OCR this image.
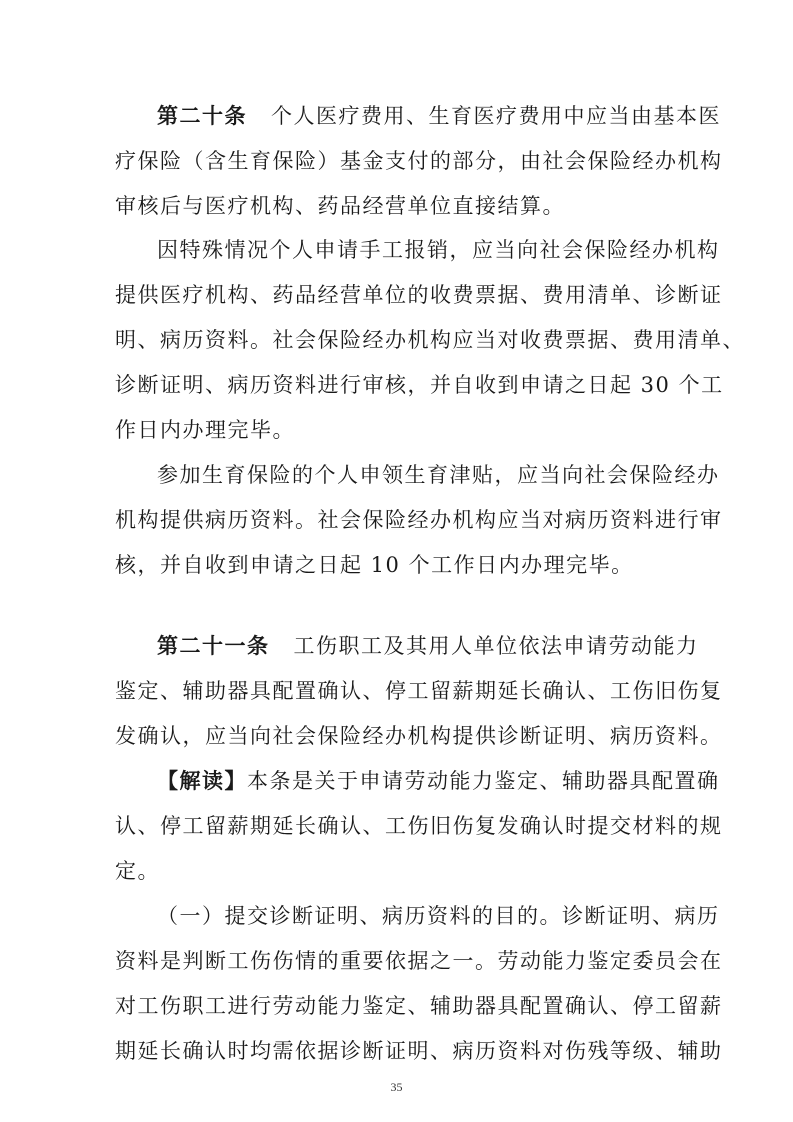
第二十条 个人医疗费用、生育医疗费用中应当由基本医
疗保险（含生育保险）基金支付的部分，由社会保险经办机构
审核后与医疗机构、药品经营单位直接结算。
因特殊情况个人申请手工报销，应当向社会保险经办机构
提供医疗机构、药品经营单位的收费票据、费用清单、诊断证
明、病历资料。社会保险经办机构应当对收费票据、费用清单、
诊断证明、病历资料进行审核，并自收到申请之日起 30 个工
作日内办理完毕。
参加生育保险的个人申领生育津贴，应当向社会保险经办
机构提供病历资料。社会保险经办机构应当对病历资料进行审
核，并自收到申请之日起 10 个工作日内办理完毕。
第二十一条 工伤职工及其用人单位依法申请劳动能力
鉴定、辅助器具配置确认、停工留薪期延长确认、工伤旧伤复
发确认，应当向社会保险经办机构提供诊断证明、病历资料。
【解读】本条是关于申请劳动能力鉴定、辅助器具配置确
认、停工留薪期延长确认、工伤旧伤复发确认时提交材料的规
定。
（一）提交诊断证明、病历资料的目的。诊断证明、病历
资料是判断工伤伤情的重要依据之一。劳动能力鉴定委员会在
对工伤职工进行劳动能力鉴定、辅助器具配置确认、停工留薪
期延长确认时均需依据诊断证明、病历资料对伤残等级、辅助
35
